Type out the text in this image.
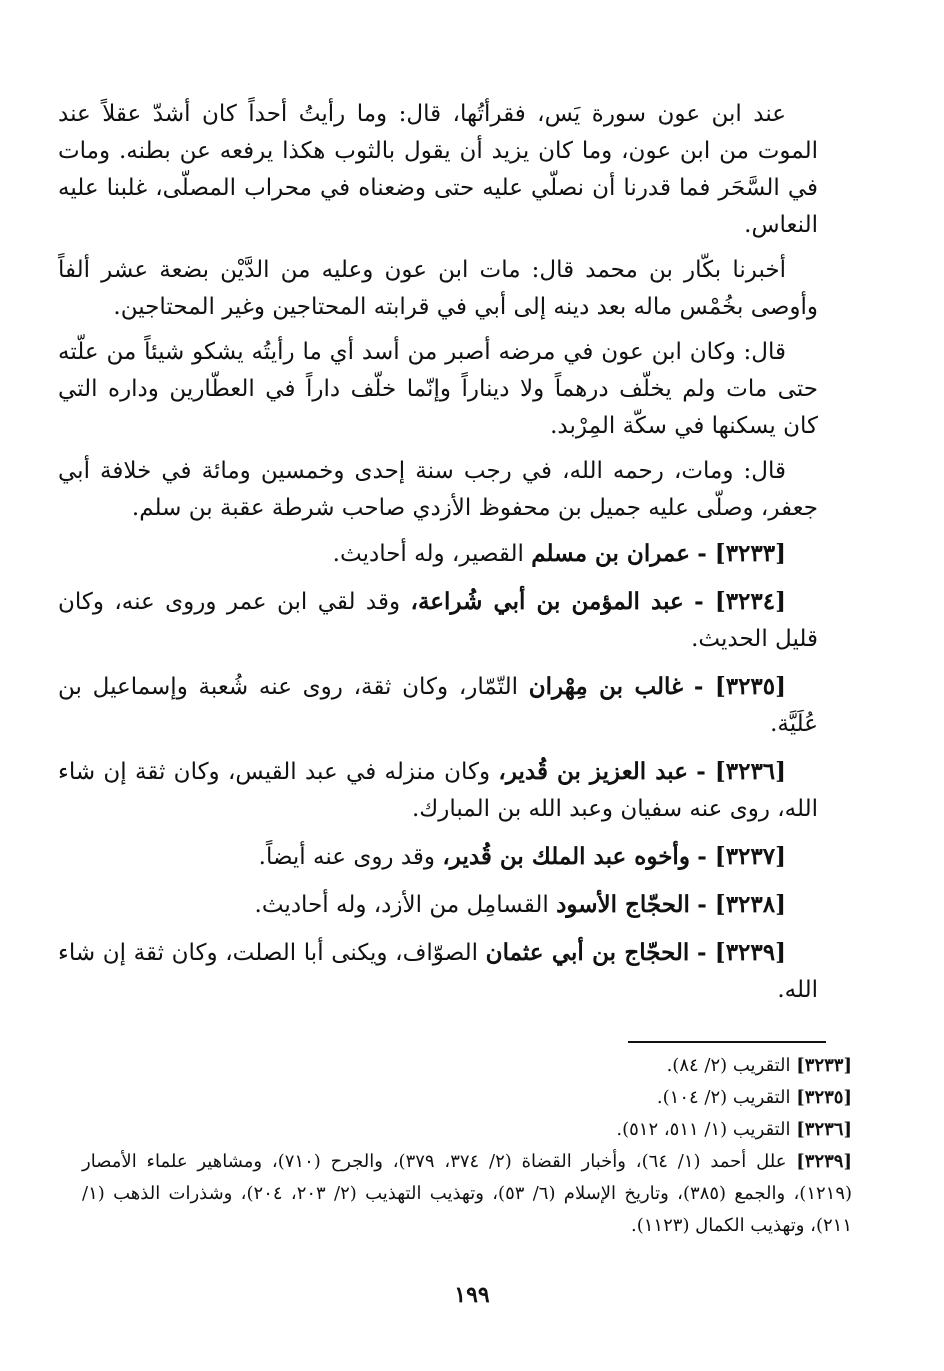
عند ابن عون سورة يَس، فقرأتُها، قال: وما رأيتُ أحداً كان أشدّ عقلاً عند الموت من ابن عون، وما كان يزيد أن يقول بالثوب هكذا يرفعه عن بطنه. ومات في السَّحَر فما قدرنا أن نصلّي عليه حتى وضعناه في محراب المصلّى، غلبنا عليه النعاس.

أخبرنا بكّار بن محمد قال: مات ابن عون وعليه من الدَّيْن بضعة عشر ألفاً وأوصى بخُمْس ماله بعد دينه إلى أبي في قرابته المحتاجين وغير المحتاجين.

قال: وكان ابن عون في مرضه أصبر من أسد أي ما رأيتُه يشكو شيئاً من علّته حتى مات ولم يخلّف درهماً ولا ديناراً وإنّما خلّف داراً في العطّارين وداره التي كان يسكنها في سكّة المِرْبد.

قال: ومات، رحمه الله، في رجب سنة إحدى وخمسين ومائة في خلافة أبي جعفر، وصلّى عليه جميل بن محفوظ الأزدي صاحب شرطة عقبة بن سلم.

[٣٢٣٣] - عمران بن مسلم القصير، وله أحاديث.

[٣٢٣٤] - عبد المؤمن بن أبي شُراعة، وقد لقي ابن عمر وروى عنه، وكان قليل الحديث.

[٣٢٣٥] - غالب بن مِهْران التّمّار، وكان ثقة، روى عنه شُعبة وإسماعيل بن عُلَيَّة.

[٣٢٣٦] - عبد العزيز بن قُدير، وكان منزله في عبد القيس، وكان ثقة إن شاء الله، روى عنه سفيان وعبد الله بن المبارك.

[٣٢٣٧] - وأخوه عبد الملك بن قُدير، وقد روى عنه أيضاً.

[٣٢٣٨] - الحجّاج الأسود القسامِل من الأزد، وله أحاديث.

[٣٢٣٩] - الحجّاج بن أبي عثمان الصوّاف، ويكنى أبا الصلت، وكان ثقة إن شاء الله.

[٣٢٣٣] التقريب (٢/ ٨٤).

[٣٢٣٥] التقريب (٢/ ١٠٤).

[٣٢٣٦] التقريب (١/ ٥١١، ٥١٢).

[٣٢٣٩] علل أحمد (١/ ٦٤)، وأخبار القضاة (٢/ ٣٧٤، ٣٧٩)، والجرح (٧١٠)، ومشاهير علماء الأمصار (١٢١٩)، والجمع (٣٨٥)، وتاريخ الإسلام (٦/ ٥٣)، وتهذيب التهذيب (٢/ ٢٠٣، ٢٠٤)، وشذرات الذهب (١/ ٢١١)، وتهذيب الكمال (١١٢٣).

١٩٩
